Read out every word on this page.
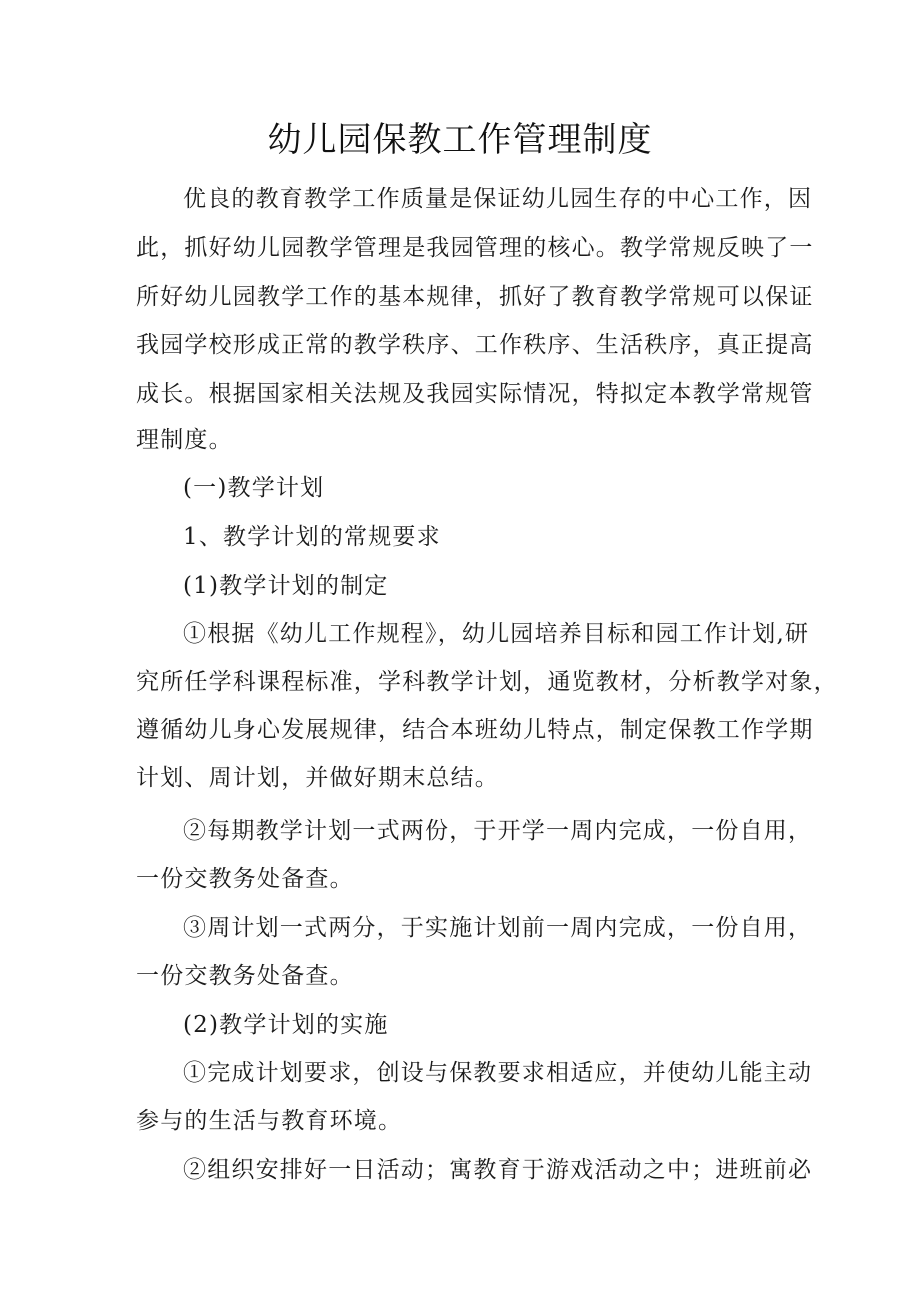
幼儿园保教工作管理制度
优良的教育教学工作质量是保证幼儿园生存的中心工作，因
此，抓好幼儿园教学管理是我园管理的核心。教学常规反映了一
所好幼儿园教学工作的基本规律，抓好了教育教学常规可以保证
我园学校形成正常的教学秩序、工作秩序、生活秩序，真正提高
成长。根据国家相关法规及我园实际情况，特拟定本教学常规管
理制度。
(一)教学计划
1、教学计划的常规要求
(1)教学计划的制定
①根据《幼儿工作规程》，幼儿园培养目标和园工作计划,研
究所任学科课程标准，学科教学计划，通览教材，分析教学对象，
遵循幼儿身心发展规律，结合本班幼儿特点，制定保教工作学期
计划、周计划，并做好期末总结。
②每期教学计划一式两份，于开学一周内完成，一份自用，
一份交教务处备查。
③周计划一式两分，于实施计划前一周内完成，一份自用，
一份交教务处备查。
(2)教学计划的实施
①完成计划要求，创设与保教要求相适应，并使幼儿能主动
参与的生活与教育环境。
②组织安排好一日活动；寓教育于游戏活动之中；进班前必
